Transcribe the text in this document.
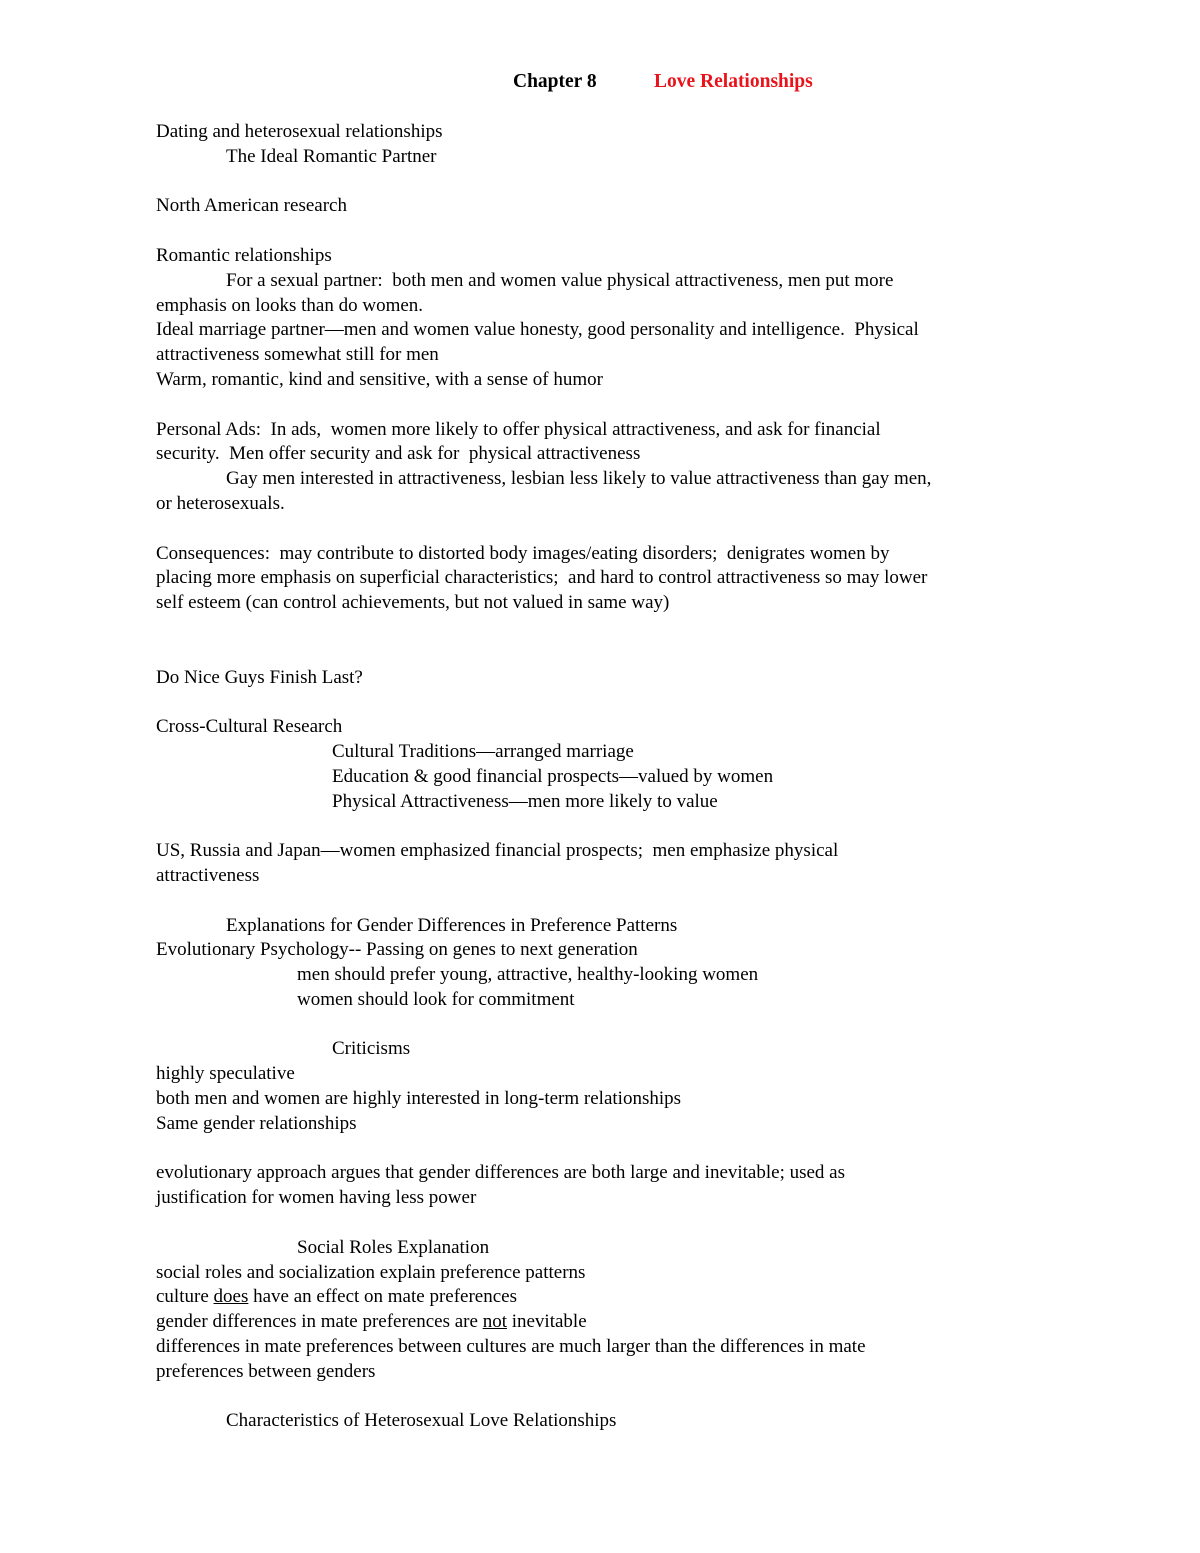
Chapter 8	Love Relationships
Dating and heterosexual relationships
The Ideal Romantic Partner
North American research
Romantic relationships
For a sexual partner:  both men and women value physical attractiveness, men put more
emphasis on looks than do women.
Ideal marriage partner—men and women value honesty, good personality and intelligence.  Physical
attractiveness somewhat still for men
Warm, romantic, kind and sensitive, with a sense of humor
Personal Ads:  In ads,  women more likely to offer physical attractiveness, and ask for financial
security.  Men offer security and ask for  physical attractiveness
Gay men interested in attractiveness, lesbian less likely to value attractiveness than gay men,
or heterosexuals.
Consequences:  may contribute to distorted body images/eating disorders;  denigrates women by
placing more emphasis on superficial characteristics;  and hard to control attractiveness so may lower
self esteem (can control achievements, but not valued in same way)
Do Nice Guys Finish Last?
Cross-Cultural Research
Cultural Traditions—arranged marriage
Education & good financial prospects—valued by women
Physical Attractiveness—men more likely to value
US, Russia and Japan—women emphasized financial prospects;  men emphasize physical
attractiveness
Explanations for Gender Differences in Preference Patterns
Evolutionary Psychology-- Passing on genes to next generation
men should prefer young, attractive, healthy-looking women
women should look for commitment
Criticisms
highly speculative
both men and women are highly interested in long-term relationships
Same gender relationships
evolutionary approach argues that gender differences are both large and inevitable; used as
justification for women having less power
Social Roles Explanation
social roles and socialization explain preference patterns
culture does have an effect on mate preferences
gender differences in mate preferences are not inevitable
differences in mate preferences between cultures are much larger than the differences in mate
preferences between genders
Characteristics of Heterosexual Love Relationships
